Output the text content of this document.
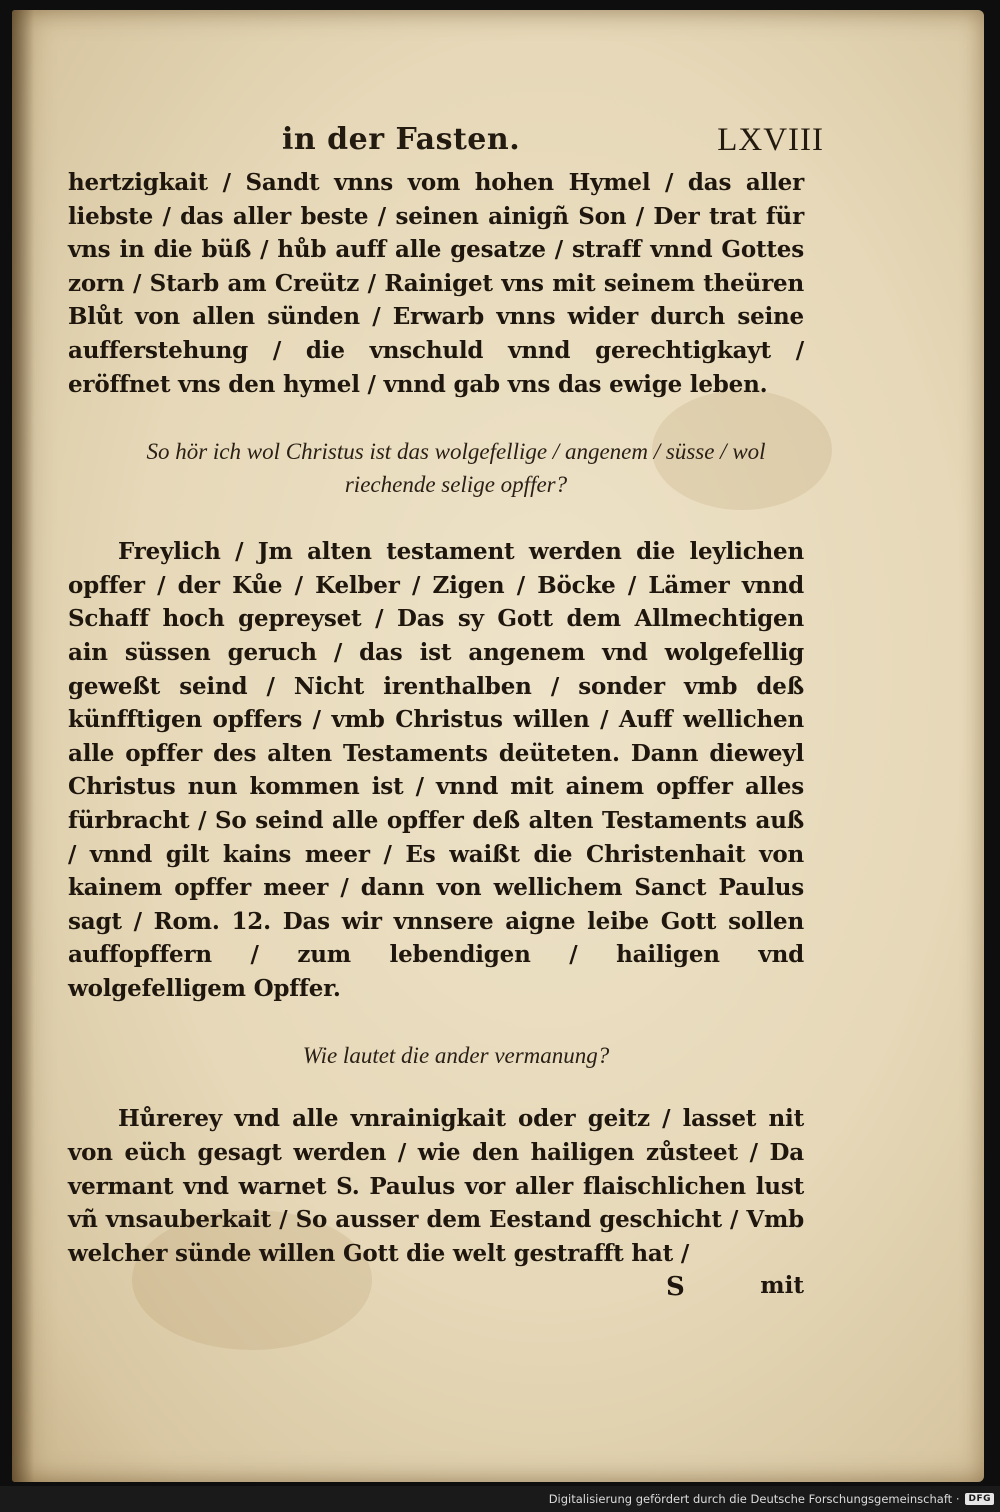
in der Fasten.	LXVIII

hertzigkait / Sandt vnns vom hohen Hymel / das aller liebste / das aller beste / seinen ainigñ Son / Der trat für vns in die büß / hůb auff alle gesatze / straff vnnd Gottes zorn / Starb am Creütz / Rainiget vns mit seinem theüren Blůt von allen sünden / Erwarb vnns wider durch seine aufferstehung / die vnschuld vnnd gerechtigkayt / eröffnet vns den hymel / vnnd gab vns das ewige leben.

So hör ich wol Christus ist das wolgefellige / angenem / süsse / wol riechende selige opffer?

Freylich / Jm alten testament werden die leylichen opffer / der Kůe / Kelber / Zigen / Böcke / Lämer vnnd Schaff hoch gepreyset / Das sy Gott dem Allmechtigen ain süssen geruch / das ist angenem vnd wolgefellig geweßt seind / Nicht irenthalben / sonder vmb deß künfftigen opffers / vmb Christus willen / Auff wellichen alle opffer des alten Testaments deüteten. Dann dieweyl Christus nun kommen ist / vnnd mit ainem opffer alles fürbracht / So seind alle opffer deß alten Testaments auß / vnnd gilt kains meer / Es waißt die Christenhait von kainem opffer meer / dann von wellichem Sanct Paulus sagt / Rom. 12. Das wir vnnsere aigne leibe Gott sollen auffopffern / zum lebendigen / hailigen vnd wolgefelligem Opffer.

Wie lautet die ander vermanung?

Hůrerey vnd alle vnrainigkait oder geitz / lasset nit von eüch gesagt werden / wie den hailigen zůsteet / Da vermant vnd warnet S. Paulus vor aller flaischlichen lust vñ vnsauberkait / So ausser dem Eestand geschicht / Vmb welcher sünde willen Gott die welt gestrafft hat /

S	mit
Digitalisierung gefördert durch die Deutsche Forschungsgemeinschaft ·	DFG
